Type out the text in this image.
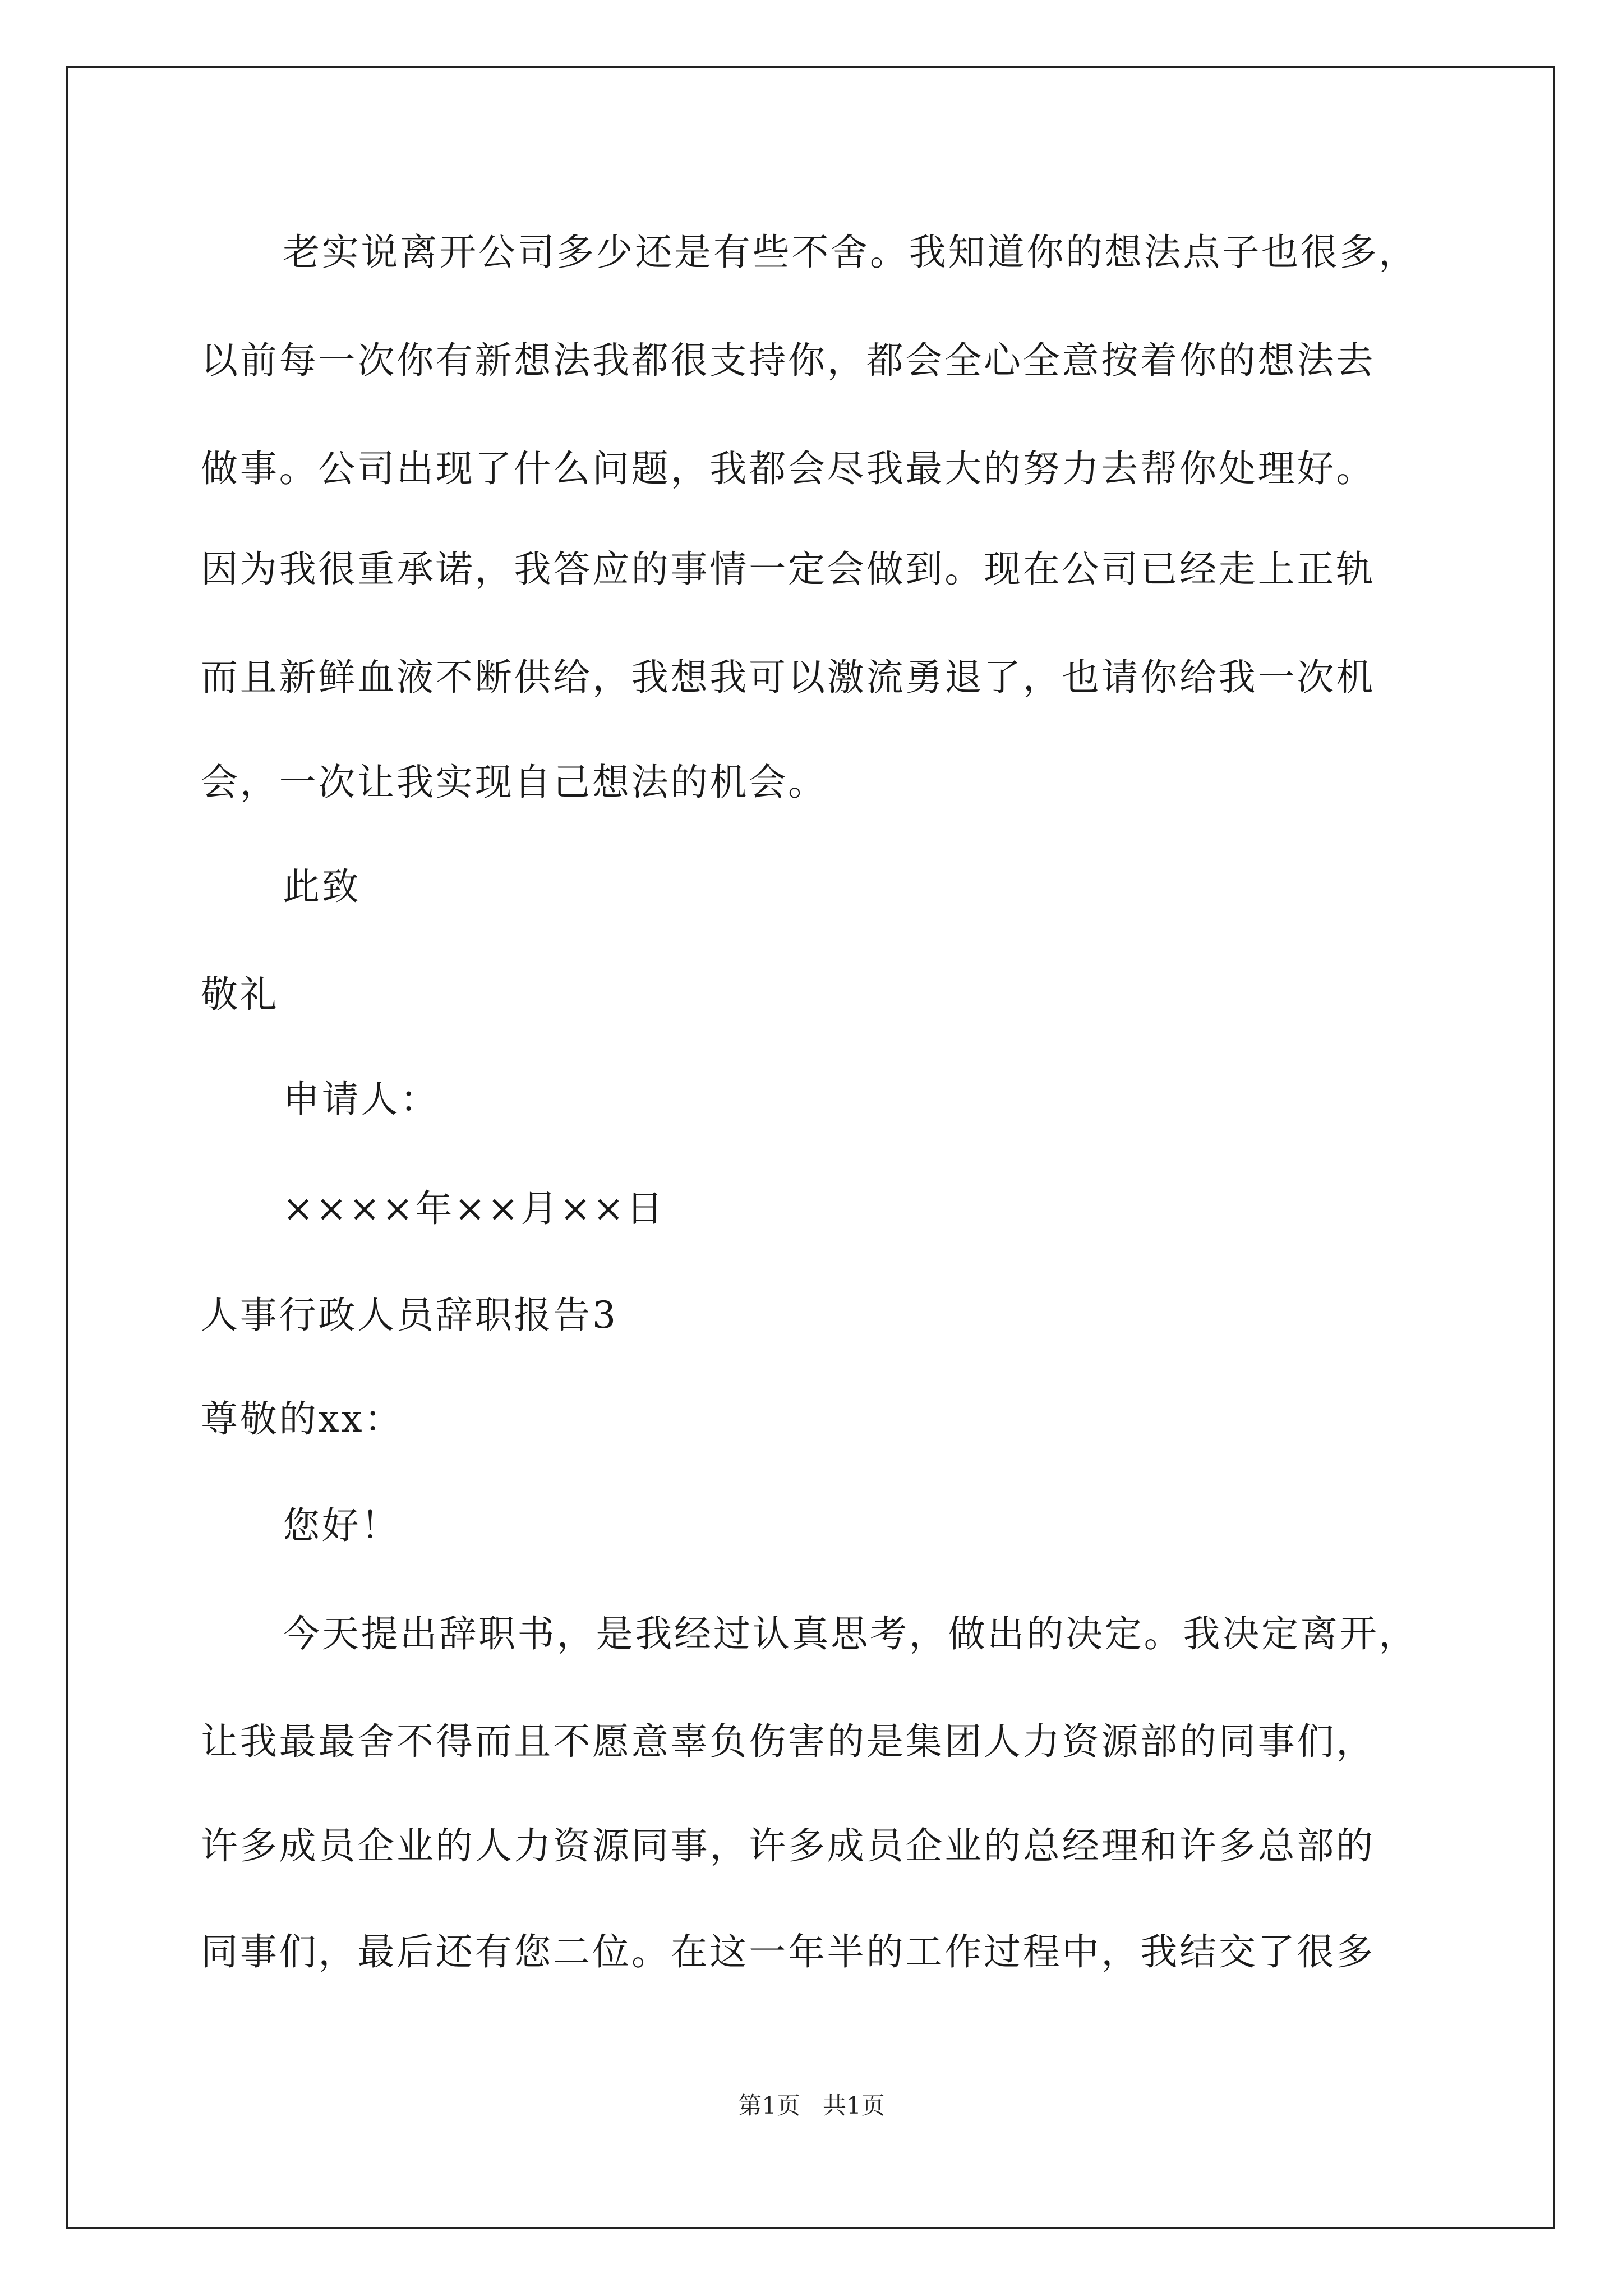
老实说离开公司多少还是有些不舍。我知道你的想法点子也很多，
以前每一次你有新想法我都很支持你，都会全心全意按着你的想法去
做事。公司出现了什么问题，我都会尽我最大的努力去帮你处理好。
因为我很重承诺，我答应的事情一定会做到。现在公司已经走上正轨
而且新鲜血液不断供给，我想我可以激流勇退了，也请你给我一次机
会，一次让我实现自己想法的机会。
此致
敬礼
申请人：
××××年××月××日
人事行政人员辞职报告3
尊敬的xx：
您好！
今天提出辞职书，是我经过认真思考，做出的决定。我决定离开，
让我最最舍不得而且不愿意辜负伤害的是集团人力资源部的同事们，
许多成员企业的人力资源同事，许多成员企业的总经理和许多总部的
同事们，最后还有您二位。在这一年半的工作过程中，我结交了很多
第1页 共1页
